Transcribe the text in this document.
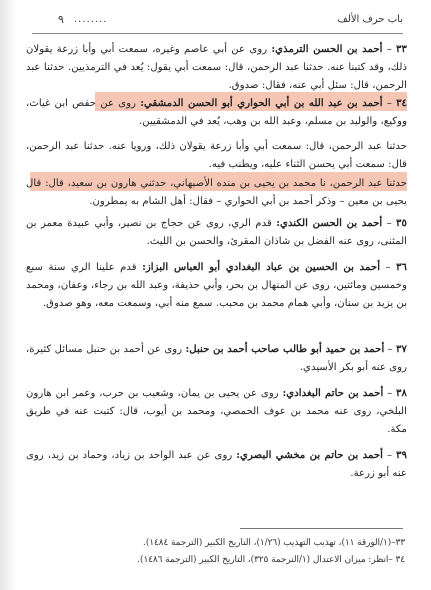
باب حرف الألف
........
٩
٣٣ – أحمد بن الحسن الترمذي: روى عن أبي عاصم وغيره، سمعت أبي وأبا زرعة يقولان ذلك، وقد كتبنا عنه. حدثنا عبد الرحمن، قال: سمعت أبي يقول: يُعد في الترمذيين. حدثنا عبد الرحمن، قال: سئل أبي عنه، فقال: صدوق.
٣٤ – أحمد بن عبد الله بن أبي الحواري أبو الحسن الدمشقي: روى عن حفص ابن غياث، ووكيع، والوليد بن مسلم، وعبد الله بن وهب، يُعد في الدمشقيين.
حدثنا عبد الرحمن، قال: سمعت أبي وأبا زرعة يقولان ذلك، ورويا عنه. حدثنا عبد الرحمن، قال: سمعت أبي يحسن الثناء عليه، ويطنب فيه.
حدثنا عبد الرحمن، نا محمد بن يحيى بن منده الأصبهاني، حدثني هارون بن سعيد، قال: قال يحيى بن معين – وذكر أحمد بن أبي الحواري – فقال: أهل الشام به يمطرون.
٣٥ – أحمد بن الحسن الكندي: قدم الري، روى عن حجاج بن نصير، وأبي عبيدة معمر بن المثنى، روى عنه الفضل بن شاذان المقرئ، والحسن بن الليث.
٣٦ – أحمد بن الحسين بن عباد البغدادي أبو العباس البزاز: قدم علينا الري سنة سبع وخمسين ومائتين، روى عن المنهال بن بحر، وأبي حذيفة، وعبد الله بن رجاء، وعفان، ومحمد بن يزيد بن سنان، وأبي همام محمد بن محبب. سمع منه أبي، وسمعت معه، وهو صدوق.
٣٧ – أحمد بن حميد أبو طالب صاحب أحمد بن حنبل: روى عن أحمد بن حنبل مسائل كثيرة، روى عنه أبو بكر الأسيدي.
٣٨ – أحمد بن حاتم البغدادي: روى عن يحيى بن يمان، وشعيب بن حرب، وعمر ابن هارون البلخي، روى عنه محمد بن عوف الحمصي، ومحمد بن أيوب، قال: كتبت عنه في طريق مكة.
٣٩ – أحمد بن حاتم بن مخشي البصري: روى عن عبد الواحد بن زياد، وحماد بن زيد، روى عنه أبو زرعة.
٣٣–(١/الورقة ١١)، تهذيب التهذيب (١/٢٦)، التاريخ الكبير (الترجمة ١٤٨٤).
٣٤ –انظر: ميزان الاعتدال (١/الترجمة ٣٢٥)، التاريخ الكبير (الترجمة ١٤٨٦).
